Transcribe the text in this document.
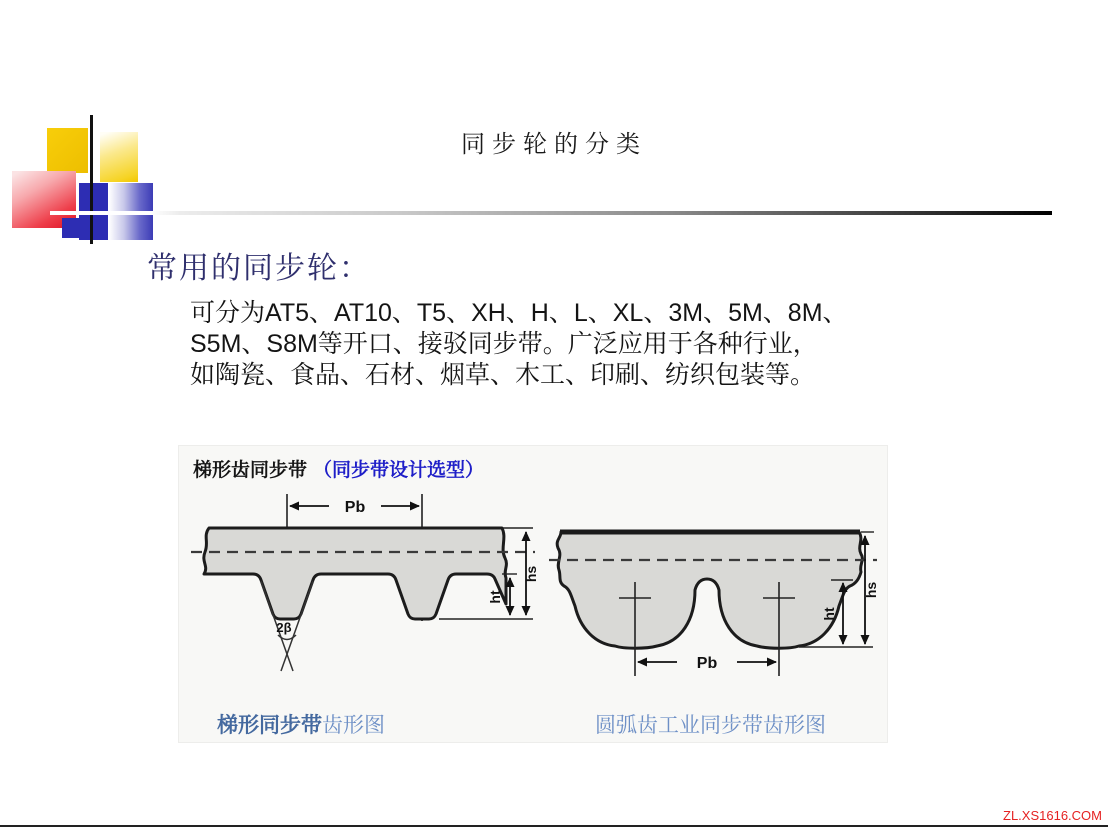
同步轮的分类
常用的同步轮：
可分为AT5、AT10、T5、XH、H、L、XL、3M、5M、8M、
S5M、S8M等开口、接驳同步带。广泛应用于各种行业，
如陶瓷、食品、石材、烟草、木工、印刷、纺织包装等。
梯形齿同步带 （同步带设计选型）
Pb
ht
hs
2β
Pb
ht
hs
梯形同步带齿形图	圆弧齿工业同步带齿形图
ZL.XS1616.COM
